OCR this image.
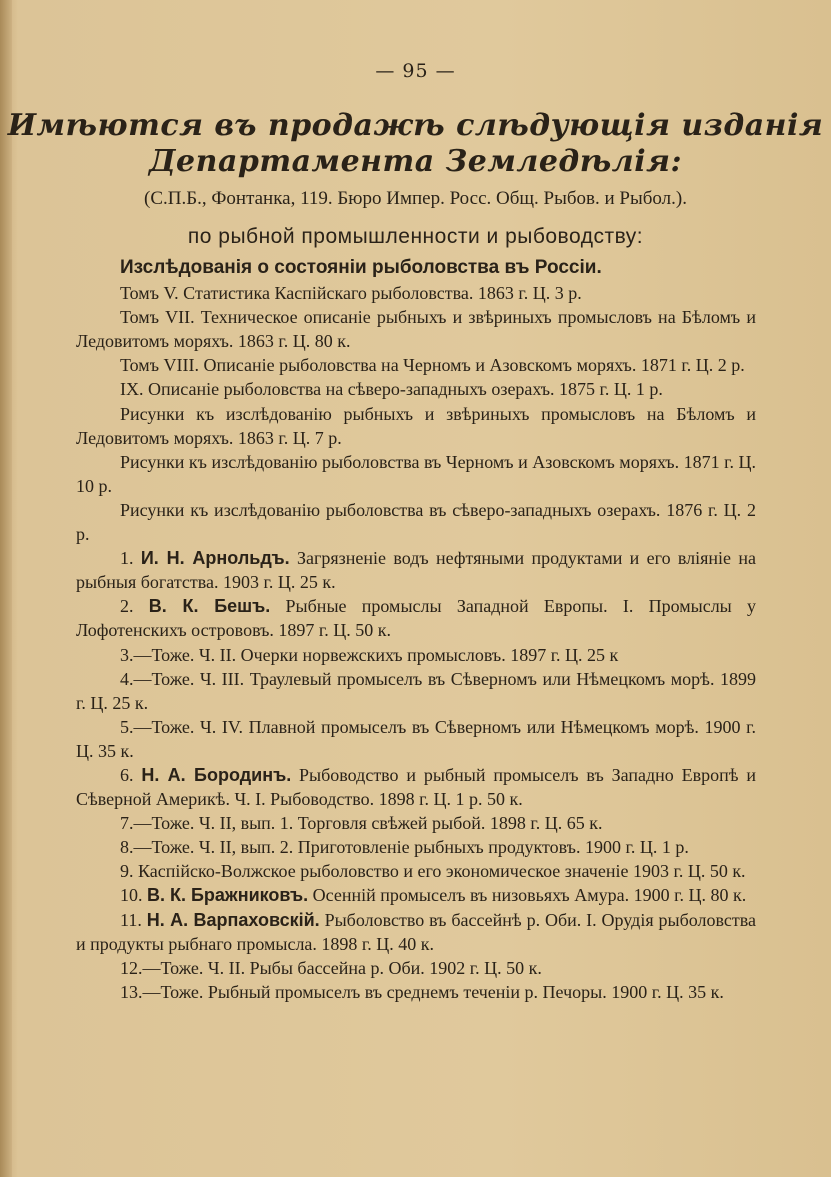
— 95 —
Имѣются въ продажѣ слѣдующія изданія
Департамента Земледѣлія:
(С.П.Б., Фонтанка, 119. Бюро Импер. Росс. Общ. Рыбов. и Рыбол.).
по рыбной промышленности и рыбоводству:
Изслѣдованія о состояніи рыболовства въ Россіи.

Томъ V. Статистика Каспійскаго рыболовства. 1863 г. Ц. 3 р.

Томъ VII. Техническое описаніе рыбныхъ и звѣриныхъ промысловъ на Бѣломъ и Ледовитомъ моряхъ. 1863 г. Ц. 80 к.

Томъ VIII. Описаніе рыболовства на Черномъ и Азовскомъ моряхъ. 1871 г. Ц. 2 р.

IX. Описаніе рыболовства на сѣверо-западныхъ озерахъ. 1875 г. Ц. 1 р.

Рисунки къ изслѣдованію рыбныхъ и звѣриныхъ промысловъ на Бѣломъ и Ледовитомъ моряхъ. 1863 г. Ц. 7 р.

Рисунки къ изслѣдованію рыболовства въ Черномъ и Азовскомъ моряхъ. 1871 г. Ц. 10 р.

Рисунки къ изслѣдованію рыболовства въ сѣверо-западныхъ озерахъ. 1876 г. Ц. 2 р.

1. И. Н. Арнольдъ. Загрязненіе водъ нефтяными продуктами и его вліяніе на рыбныя богатства. 1903 г. Ц. 25 к.

2. В. К. Бешъ. Рыбные промыслы Западной Европы. I. Промыслы у Лофотенскихъ острововъ. 1897 г. Ц. 50 к.

3.—Тоже. Ч. II. Очерки норвежскихъ промысловъ. 1897 г. Ц. 25 к

4.—Тоже. Ч. III. Траулевый промыселъ въ Сѣверномъ или Нѣмецкомъ морѣ. 1899 г. Ц. 25 к.

5.—Тоже. Ч. IV. Плавной промыселъ въ Сѣверномъ или Нѣмецкомъ морѣ. 1900 г. Ц. 35 к.

6. Н. А. Бородинъ. Рыбоводство и рыбный промыселъ въ Западно Европѣ и Сѣверной Америкѣ. Ч. I. Рыбоводство. 1898 г. Ц. 1 р. 50 к.

7.—Тоже. Ч. II, вып. 1. Торговля свѣжей рыбой. 1898 г. Ц. 65 к.

8.—Тоже. Ч. II, вып. 2. Приготовленіе рыбныхъ продуктовъ. 1900 г. Ц. 1 р.

9. Каспійско-Волжское рыболовство и его экономическое значеніе 1903 г. Ц. 50 к.

10. В. К. Бражниковъ. Осенній промыселъ въ низовьяхъ Амура. 1900 г. Ц. 80 к.

11. Н. А. Варпаховскій. Рыболовство въ бассейнѣ р. Оби. I. Орудія рыболовства и продукты рыбнаго промысла. 1898 г. Ц. 40 к.

12.—Тоже. Ч. II. Рыбы бассейна р. Оби. 1902 г. Ц. 50 к.

13.—Тоже. Рыбный промыселъ въ среднемъ теченіи р. Печоры. 1900 г. Ц. 35 к.
